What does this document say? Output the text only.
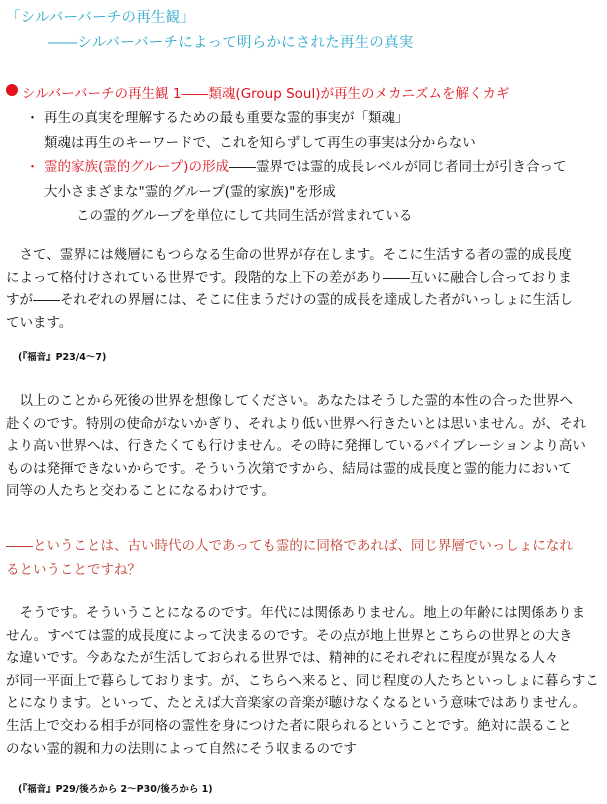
「シルバーバーチの再生観」
――シルバーバーチによって明らかにされた再生の真実
シルバーバーチの再生観 1――類魂(Group Soul)が再生のメカニズムを解くカギ
・ 再生の真実を理解するための最も重要な霊的事実が「類魂」
類魂は再生のキーワードで、これを知らずして再生の事実は分からない
・ 霊的家族(霊的グループ)の形成――霊界では霊的成長レベルが同じ者同士が引き合って
大小さまざまな"霊的グループ(霊的家族)"を形成
この霊的グループを単位にして共同生活が営まれている
　さて、霊界には幾層にもつらなる生命の世界が存在します。そこに生活する者の霊的成長度
によって格付けされている世界です。段階的な上下の差があり――互いに融合し合っておりま
すが――それぞれの界層には、そこに住まうだけの霊的成長を達成した者がいっしょに生活し
ています。
(『福音』P23/4～7)
　以上のことから死後の世界を想像してください。あなたはそうした霊的本性の合った世界へ
赴くのです。特別の使命がないかぎり、それより低い世界へ行きたいとは思いません。が、それ
より高い世界へは、行きたくても行けません。その時に発揮しているバイブレーションより高い
ものは発揮できないからです。そういう次第ですから、結局は霊的成長度と霊的能力において
同等の人たちと交わることになるわけです。
――ということは、古い時代の人であっても霊的に同格であれば、同じ界層でいっしょになれ
るということですね？
　そうです。そういうことになるのです。年代には関係ありません。地上の年齢には関係ありま
せん。すべては霊的成長度によって決まるのです。その点が地上世界とこちらの世界との大き
な違いです。今あなたが生活しておられる世界では、精神的にそれぞれに程度が異なる人々
が同一平面上で暮らしております。が、こちらへ来ると、同じ程度の人たちといっしょに暮らすこ
とになります。といって、たとえば大音楽家の音楽が聴けなくなるという意味ではありません。
生活上で交わる相手が同格の霊性を身につけた者に限られるということです。絶対に誤ること
のない霊的親和力の法則によって自然にそう収まるのです
(『福音』P29/後ろから 2～P30/後ろから 1)
